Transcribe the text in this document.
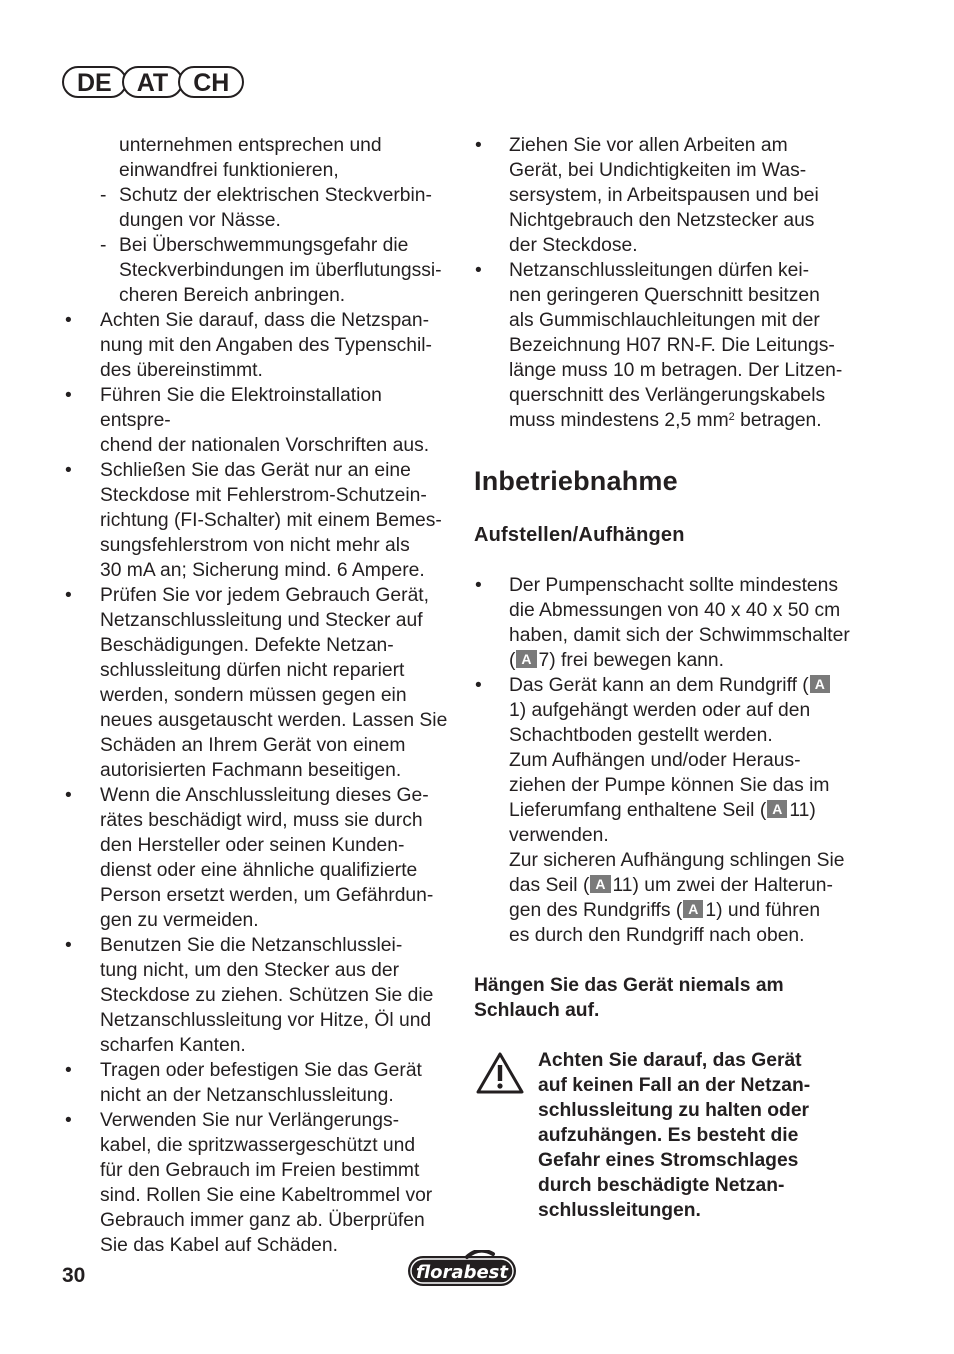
DE	AT	CH
unternehmen entsprechen und
einwandfrei funktionieren,
- Schutz der elektrischen Steckverbin-
dungen vor Nässe.
- Bei Überschwemmungsgefahr die
Steckverbindungen im überflutungssi-
cheren Bereich anbringen.
• Achten Sie darauf, dass die Netzspan-
nung mit den Angaben des Typenschil-
des übereinstimmt.
• Führen Sie die Elektroinstallation entspre-
chend der nationalen Vorschriften aus.
• Schließen Sie das Gerät nur an eine
Steckdose mit Fehlerstrom-Schutzein-
richtung (FI-Schalter) mit einem Bemes-
sungsfehlerstrom von nicht mehr als
30 mA an; Sicherung mind. 6 Ampere.
• Prüfen Sie vor jedem Gebrauch Gerät,
Netzanschlussleitung und Stecker auf
Beschädigungen. Defekte Netzan-
schlussleitung dürfen nicht repariert
werden, sondern müssen gegen ein
neues ausgetauscht werden. Lassen Sie
Schäden an Ihrem Gerät von einem
autorisierten Fachmann beseitigen.
• Wenn die Anschlussleitung dieses Ge-
rätes beschädigt wird, muss sie durch
den Hersteller oder seinen Kunden-
dienst oder eine ähnliche qualifizierte
Person ersetzt werden, um Gefährdun-
gen zu vermeiden.
• Benutzen Sie die Netzanschlusslei-
tung nicht, um den Stecker aus der
Steckdose zu ziehen. Schützen Sie die
Netzanschlussleitung vor Hitze, Öl und
scharfen Kanten.
• Tragen oder befestigen Sie das Gerät
nicht an der Netzanschlussleitung.
• Verwenden Sie nur Verlängerungs-
kabel, die spritzwassergeschützt und
für den Gebrauch im Freien bestimmt
sind. Rollen Sie eine Kabeltrommel vor
Gebrauch immer ganz ab. Überprüfen
Sie das Kabel auf Schäden.
• Ziehen Sie vor allen Arbeiten am
Gerät, bei Undichtigkeiten im Was-
sersystem, in Arbeitspausen und bei
Nichtgebrauch den Netzstecker aus
der Steckdose.
• Netzanschlussleitungen dürfen kei-
nen geringeren Querschnitt besitzen
als Gummischlauchleitungen mit der
Bezeichnung H07 RN-F. Die Leitungs-
länge muss 10 m betragen. Der Litzen-
querschnitt des Verlängerungskabels
muss mindestens 2,5 $mm^2$ betragen.
Inbetriebnahme
Aufstellen/Aufhängen
• Der Pumpenschacht sollte mindestens
die Abmessungen von 40 x 40 x 50 cm
haben, damit sich der Schwimmschalter
( A 7) frei bewegen kann.
• Das Gerät kann an dem Rundgriff ( A
1) aufgehängt werden oder auf den
Schachtboden gestellt werden.
Zum Aufhängen und/oder Heraus-
ziehen der Pumpe können Sie das im
Lieferumfang enthaltene Seil ( A 11)
verwenden.
Zur sicheren Aufhängung schlingen Sie
das Seil ( A 11) um zwei der Halterun-
gen des Rundgriffs ( A 1) und führen
es durch den Rundgriff nach oben.
Hängen Sie das Gerät niemals am
Schlauch auf.
Achten Sie darauf, das Gerät
auf keinen Fall an der Netzan-
schlussleitung zu halten oder
aufzuhängen. Es besteht die
Gefahr eines Stromschlages
durch beschädigte Netzan-
schlussleitungen.
30	florabest
